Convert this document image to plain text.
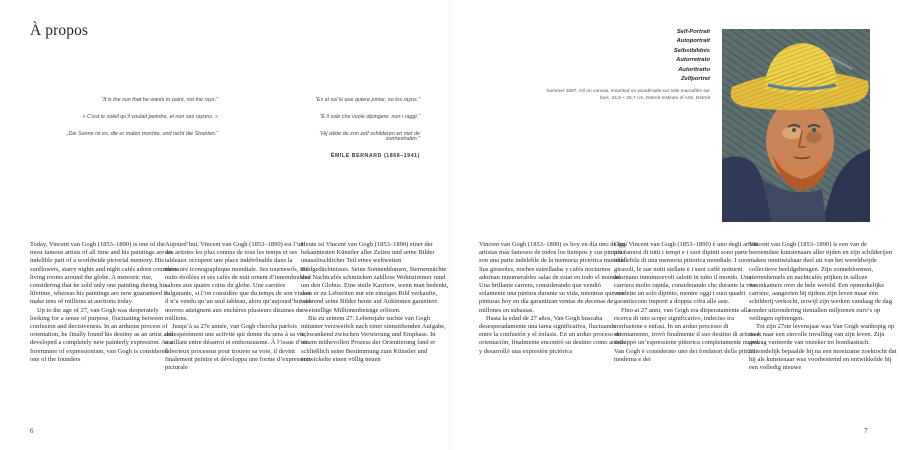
À propos

“It is the sun that he wants to paint, not the rays.”

« C’est le soleil qu’il voulait peindre, et non ses rayons. »

„Die Sonne ist es, die er malen mochte, und nicht die Strahlen.“

“Es el sol lo que quiere pintar, no los rayos.”

“È il sole che vuole dipingere, non i raggi.”

“Hij wilde de zon zelf schilderen en niet de zonnestralen.”

ÉMILE BERNARD (1868–1941)
Self-Portrait
Autoportrait
Selbstbildnis
Autorretrato
Autoritratto
Zelfportret
Summer 1887, Oil on canvas, mounted on wood/Huile sur toile marouflée sur bois, 34,9 × 26,7 cm, Detroit Institute of Arts, Detroit

Today, Vincent van Gogh (1853–1890) is one of the most famous artists of all time and his paintings are an indelible part of a worldwide pictorial memory. His sunflowers, starry nights and night cafés adorn countless living rooms around the globe. A meteoric rise, considering that he sold only one painting during his lifetime, whereas his paintings are now guaranteed to make tens of millions at auctions today.

Up to the age of 27, van Gogh was desperately looking for a sense of purpose, fluctuating between confusion and decisiveness. In an arduous process of orientation, he finally found his destiny as an artist and developed a completely new painterly expression. As a forerunner of expressionism, van Gogh is considered one of the founders

Aujourd’hui, Vincent van Gogh (1853–1890) est l’un des artistes les plus connus de tous les temps et ses tableaux occupent une place indétrônable dans la mémoire iconographique mondiale. Ses tournesols, ses nuits étoilées et ses cafés de nuit ornent d’innombrables salons aux quatre coins du globe. Une carrière fulgurante, si l’on considère que du temps de son vivant il n’a vendu qu’un seul tableau, alors qu’aujourd’hui ses œuvres atteignent aux enchères plusieurs dizaines de millions.

Jusqu’à sa 27e année, van Gogh chercha parfois désespérément une activité qui donne du sens à sa vie, oscillant entre désarroi et enthousiasme. À l’issue d’un laborieux processus pour trouver sa voie, il devint finalement peintre et développa une forme d’expression picturale

Heute ist Vincent van Gogh (1853–1890) einer der bekanntesten Künstler aller Zeiten und seine Bilder unauslöschlicher Teil eines weltweiten Bildgedächtnisses. Seine Sonnenblumen, Sternennächte und Nachtcafés schmücken zahllose Wohnzimmer rund um den Globus. Eine steile Karriere, wenn man bedenkt, dass er zu Lebzeiten nur ein einziges Bild verkaufte, während seine Bilder heute auf Auktionen garantiert zweistellige Millionenbeträge erlösen.

Bis zu seinem 27. Lebensjahr suchte van Gogh mitunter verzweifelt nach einer sinnstiftenden Aufgabe, schwankend zwischen Verwirrung und Emphase. In einem mühevollen Prozess der Orientierung fand er schließlich seine Bestimmung zum Künstler und entwickelte einen völlig neuen

Vincent van Gogh (1853–1890) es hoy en día uno de los artistas más famosos de todos los tiempos y sus pinturas son una parte indeleble de la memoria pictórica mundial. Sus girasoles, noches estrelladas y cafés nocturnos adornan innumerables salas de estar en todo el mundo. Una brillante carrera, considerando que vendió solamente una pintura durante su vida, mientras que sus pinturas hoy en día garantizan ventas de decenas de millones en subastas.

Hasta la edad de 27 años, Van Gogh buscaba desesperadamente una tarea significativa, fluctuando entre la confusión y el énfasis. En un arduo proceso de orientación, finalmente encontró su destino como artista y desarrolló una expresión pictórica

Oggi Vincent van Gogh (1853–1890) è uno degli artisti più famosi di tutti i tempi e i suoi dipinti sono parte indelebile di una memoria pittorica mondiale. I suoi girasoli, le sue notti stellate e i suoi caffè notturni adornano innumerevoli salotti in tutto il mondo. Una carriera molto rapida, considerando che durante la vita vendette un solo dipinto, mentre oggi i suoi quadri garantiscono importi a doppia cifra alle aste.

Fino ai 27 anni, van Gogh era disperatamente alla ricerca di uno scopo significativo, indeciso tra confusione e enfasi. In un arduo processo di orientamento, trovò finalmente il suo destino di artista e sviluppò un’espressione pittorica completamente nuova. Van Gogh è considerato uno dei fondatori della pittura moderna e dei

Vincent van Gogh (1853–1890) is een van de beroemdste kunstenaars aller tijden en zijn schilderijen maken onuitwisbaar deel uit van het wereldwijde collectieve beeldgeheugen. Zijn zonnebloemen, sterrenhemels en nachtcafés prijken in talloze woonkamers over de hele wereld. Een opmerkelijke carrière, aangezien hij tijdens zijn leven maar één schilderij verkocht, terwijl zijn werken vandaag de dag zonder uitzondering tientallen miljoenen euro’s op veilingen opbrengen.

Tot zijn 27ste levensjaar was Van Gogh wanhopig op zoek naar een zinvolle invulling van zijn leven. Zijn gedrag varieerde van onzeker tot bombastisch. Uiteindelijk bepaalde hij na een moeizame zoektocht dat hij als kunstenaar was voorbestemd en ontwikkelde hij een volledig nieuwe

6	7
